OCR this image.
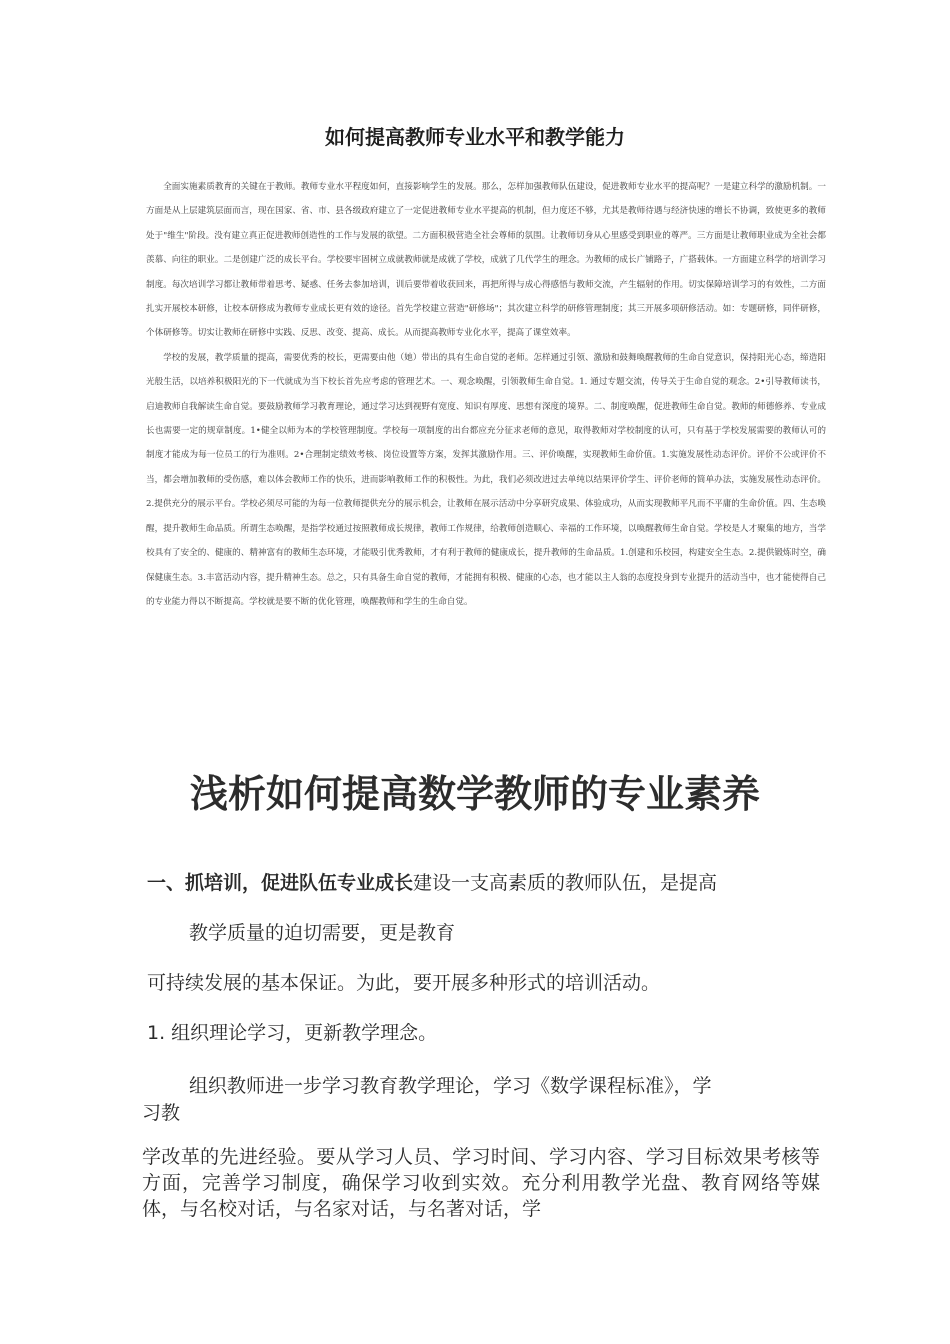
如何提高教师专业水平和教学能力

全面实施素质教育的关键在于教师。教师专业水平程度如何，直接影响学生的发展。那么，怎样加强教师队伍建设，促进教师专业水平的提高呢？一是建立科学的激励机制。一方面是从上层建筑层面而言，现在国家、省、市、县各级政府建立了一定促进教师专业水平提高的机制，但力度还不够，尤其是教师待遇与经济快速的增长不协调，致使更多的教师处于"维生"阶段。没有建立真正促进教师创造性的工作与发展的欲望。二方面积极营造全社会尊师的氛围。让教师切身从心里感受到职业的尊严。三方面是让教师职业成为全社会都羡慕、向往的职业。二是创建广泛的成长平台。学校要牢固树立成就教师就是成就了学校，成就了几代学生的理念。为教师的成长广铺路子，广搭载体。一方面建立科学的培训学习制度。每次培训学习都让教师带着思考、疑惑、任务去参加培训，训后要带着收获回来，再把所得与成心得感悟与教师交流，产生辐射的作用。切实保障培训学习的有效性，二方面扎实开展校本研修，让校本研修成为教师专业成长更有效的途径。首先学校建立营造"研修场"；其次建立科学的研修管理制度；其三开展多项研修活动。如：专题研修，同伴研修，个体研修等。切实让教师在研修中实践、反思、改变、提高、成长。从而提高教师专业化水平，提高了课堂效率。

学校的发展，教学质量的提高，需要优秀的校长，更需要由他（她）带出的具有生命自觉的老师。怎样通过引领、激励和鼓舞唤醒教师的生命自觉意识，保持阳光心态，缔造阳光般生活，以培养积极阳光的下一代就成为当下校长首先应考虑的管理艺术。一、观念唤醒，引领教师生命自觉。1. 通过专题交流，传导关于生命自觉的观念。2•引导教师读书，启迪教师自我解读生命自觉。要鼓励教师学习教育理论，通过学习达到视野有宽度、知识有厚度、思想有深度的境界。二、制度唤醒，促进教师生命自觉。教师的师德修养、专业成长也需要一定的规章制度。1•健全以师为本的学校管理制度。学校每一项制度的出台都应充分征求老师的意见，取得教师对学校制度的认可，只有基于学校发展需要的教师认可的制度才能成为每一位员工的行为准则。2•合理制定绩效考核、岗位设置等方案，发挥其激励作用。三、评价唤醒，实现教师生命价值。1.实施发展性动态评价。评价不公或评价不当，都会增加教师的受伤感，难以体会教师工作的快乐，进而影响教师工作的积极性。为此，我们必须改进过去单纯以结果评价学生、评价老师的简单办法，实施发展性动态评价。2.提供充分的展示平台。学校必须尽可能的为每一位教师提供充分的展示机会，让教师在展示活动中分享研究成果、体验成功，从而实现教师平凡而不平庸的生命价值。四、生态唤醒，提升教师生命品质。所谓生态唤醒，是指学校通过按照教师成长规律，教师工作规律，给教师创造顺心、幸福的工作环境，以唤醒教师生命自觉。学校是人才聚集的地方，当学校具有了安全的、健康的、精神富有的教师生态环境，才能吸引优秀教师，才有利于教师的健康成长，提升教师的生命品质。1.创建和乐校园，构建安全生态。2.提供锻炼时空，确保健康生态。3.丰富活动内容，提升精神生态。总之，只有具备生命自觉的教师，才能拥有积极、健康的心态，也才能以主人翁的态度投身到专业提升的活动当中，也才能使得自己的专业能力得以不断提高。学校就是要不断的优化管理，唤醒教师和学生的生命自觉。

浅析如何提高数学教师的专业素养
一、抓培训，促进队伍专业成长建设一支高素质的教师队伍，是提高
教学质量的迫切需要，更是教育
可持续发展的基本保证。为此，要开展多种形式的培训活动。
1. 组织理论学习，更新教学理念。
组织教师进一步学习教育教学理论，学习《数学课程标准》，学
习教

学改革的先进经验。要从学习人员、学习时间、学习内容、学习目标效果考核等方面，完善学习制度，确保学习收到实效。充分利用教学光盘、教育网络等媒体，与名校对话，与名家对话，与名著对话，学
